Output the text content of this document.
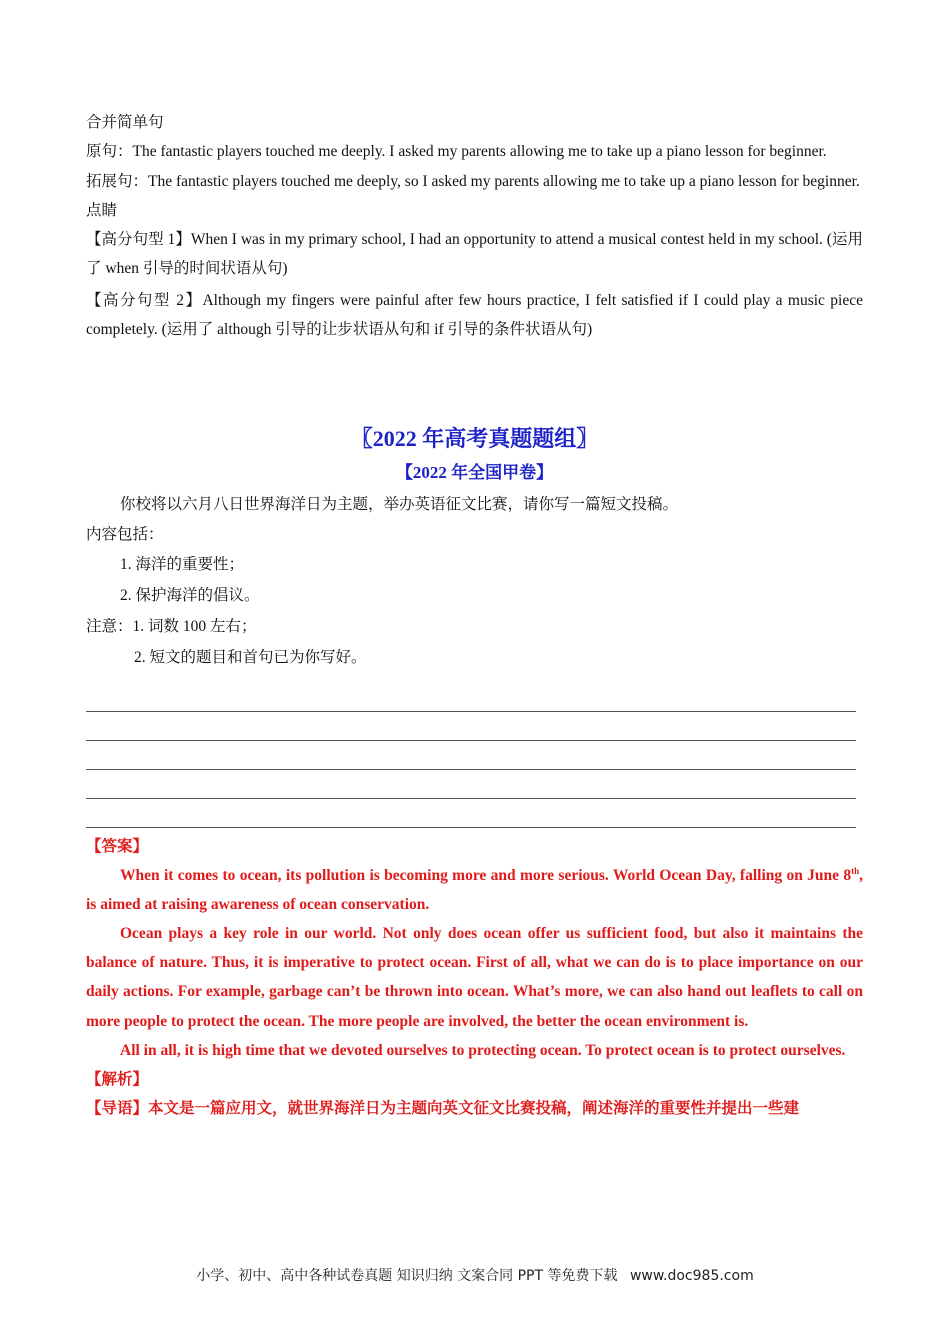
合并简单句

原句：The fantastic players touched me deeply. I asked my parents allowing me to take up a piano lesson for beginner.

拓展句：The fantastic players touched me deeply, so I asked my parents allowing me to take up a piano lesson for beginner.

点睛

【高分句型 1】When I was in my primary school, I had an opportunity to attend a musical contest held in my school. (运用了 when 引导的时间状语从句)

【高分句型 2】Although my fingers were painful after few hours practice, I felt satisfied if I could play a music piece completely. (运用了 although 引导的让步状语从句和 if 引导的条件状语从句)

〖2022 年高考真题题组〗
【2022 年全国甲卷】

你校将以六月八日世界海洋日为主题，举办英语征文比赛，请你写一篇短文投稿。

内容包括：

1. 海洋的重要性；

2. 保护海洋的倡议。

注意：1. 词数 100 左右；

2. 短文的题目和首句已为你写好。

【答案】

When it comes to ocean, its pollution is becoming more and more serious. World Ocean Day, falling on June 8th, is aimed at raising awareness of ocean conservation.

Ocean plays a key role in our world. Not only does ocean offer us sufficient food, but also it maintains the balance of nature. Thus, it is imperative to protect ocean. First of all, what we can do is to place importance on our daily actions. For example, garbage can’t be thrown into ocean. What’s more, we can also hand out leaflets to call on more people to protect the ocean. The more people are involved, the better the ocean environment is.

All in all, it is high time that we devoted ourselves to protecting ocean. To protect ocean is to protect ourselves.

【解析】

【导语】本文是一篇应用文，就世界海洋日为主题向英文征文比赛投稿，阐述海洋的重要性并提出一些建

小学、初中、高中各种试卷真题 知识归纳 文案合同 PPT 等免费下载 www.doc985.com
